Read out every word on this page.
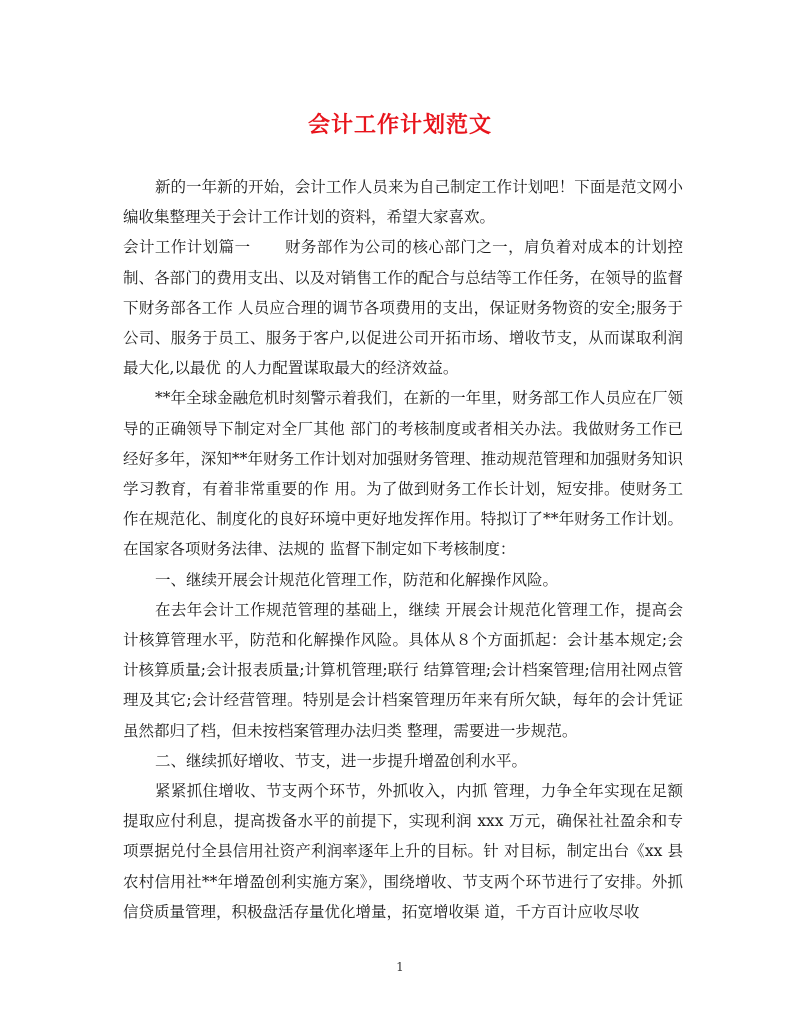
会计工作计划范文

新的一年新的开始，会计工作人员来为自己制定工作计划吧！下面是范文网小编收集整理关于会计工作计划的资料，希望大家喜欢。

会计工作计划篇一 财务部作为公司的核心部门之一，肩负着对成本的计划控制、各部门的费用支出、以及对销售工作的配合与总结等工作任务，在领导的监督下财务部各工作 人员应合理的调节各项费用的支出，保证财务物资的安全;服务于公司、服务于员工、服务于客户,以促进公司开拓市场、增收节支，从而谋取利润最大化,以最优 的人力配置谋取最大的经济效益。

**年全球金融危机时刻警示着我们，在新的一年里，财务部工作人员应在厂领导的正确领导下制定对全厂其他 部门的考核制度或者相关办法。我做财务工作已经好多年，深知**年财务工作计划对加强财务管理、推动规范管理和加强财务知识学习教育，有着非常重要的作 用。为了做到财务工作长计划，短安排。使财务工作在规范化、制度化的良好环境中更好地发挥作用。特拟订了**年财务工作计划。在国家各项财务法律、法规的 监督下制定如下考核制度：

一、继续开展会计规范化管理工作，防范和化解操作风险。

在去年会计工作规范管理的基础上，继续 开展会计规范化管理工作，提高会计核算管理水平，防范和化解操作风险。具体从８个方面抓起：会计基本规定;会计核算质量;会计报表质量;计算机管理;联行 结算管理;会计档案管理;信用社网点管理及其它;会计经营管理。特别是会计档案管理历年来有所欠缺，每年的会计凭证虽然都归了档，但未按档案管理办法归类 整理，需要进一步规范。

二、继续抓好增收、节支，进一步提升增盈创利水平。

紧紧抓住增收、节支两个环节，外抓收入，内抓 管理，力争全年实现在足额提取应付利息，提高拨备水平的前提下，实现利润 xxx 万元，确保社社盈余和专项票据兑付全县信用社资产利润率逐年上升的目标。针 对目标，制定出台《xx 县农村信用社**年增盈创利实施方案》，围绕增收、节支两个环节进行了安排。外抓信贷质量管理，积极盘活存量优化增量，拓宽增收渠 道，千方百计应收尽收

1
